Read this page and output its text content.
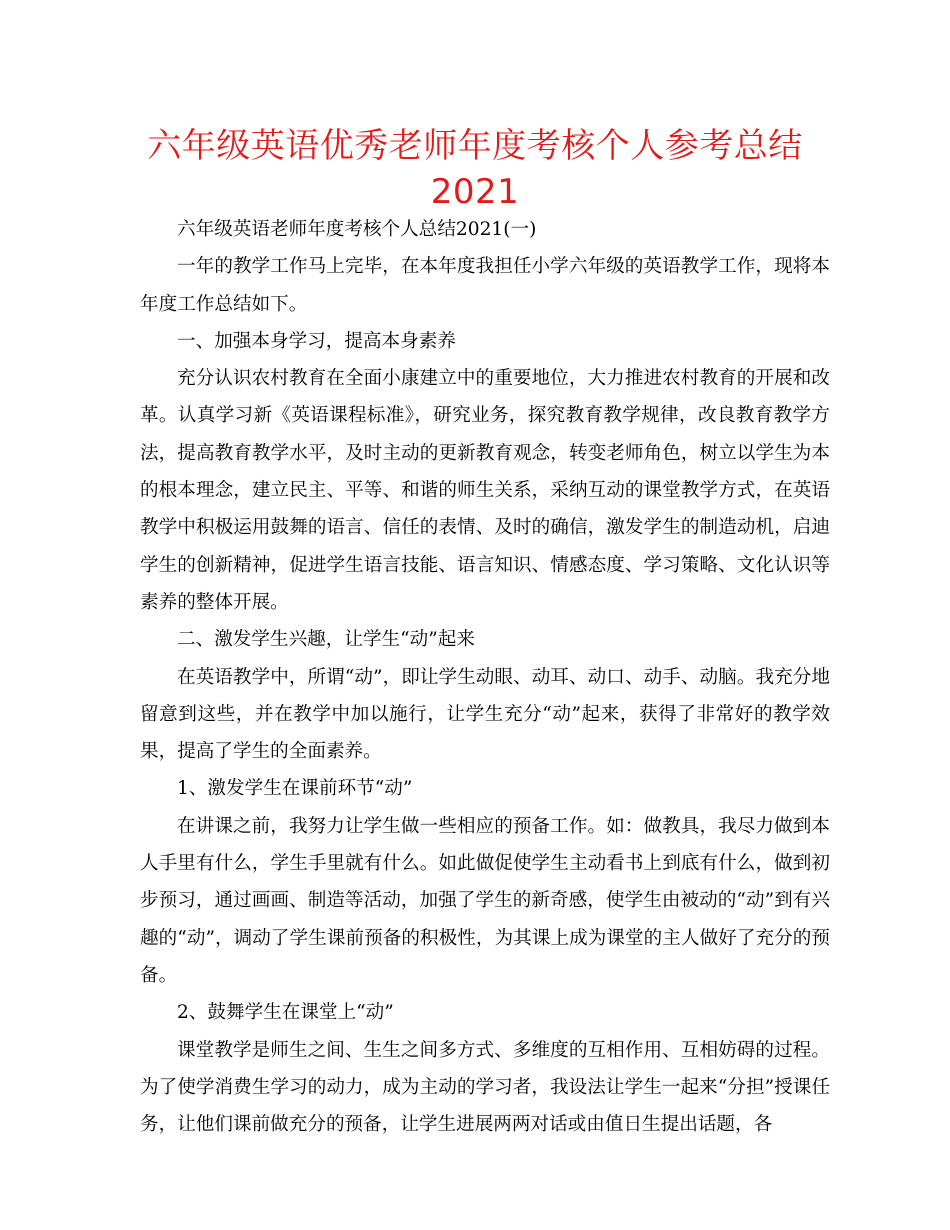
六年级英语优秀老师年度考核个人参考总结
2021

六年级英语老师年度考核个人总结2021(一)

一年的教学工作马上完毕，在本年度我担任小学六年级的英语教学工作，现将本年度工作总结如下。

一、加强本身学习，提高本身素养

充分认识农村教育在全面小康建立中的重要地位，大力推进农村教育的开展和改革。认真学习新《英语课程标准》，研究业务，探究教育教学规律，改良教育教学方法，提高教育教学水平，及时主动的更新教育观念，转变老师角色，树立以学生为本的根本理念，建立民主、平等、和谐的师生关系，采纳互动的课堂教学方式，在英语教学中积极运用鼓舞的语言、信任的表情、及时的确信，激发学生的制造动机，启迪学生的创新精神，促进学生语言技能、语言知识、情感态度、学习策略、文化认识等素养的整体开展。

二、激发学生兴趣，让学生“动”起来

在英语教学中，所谓“动”，即让学生动眼、动耳、动口、动手、动脑。我充分地留意到这些，并在教学中加以施行，让学生充分“动”起来，获得了非常好的教学效果，提高了学生的全面素养。

1、激发学生在课前环节“动”

在讲课之前，我努力让学生做一些相应的预备工作。如：做教具，我尽力做到本人手里有什么，学生手里就有什么。如此做促使学生主动看书上到底有什么，做到初步预习，通过画画、制造等活动，加强了学生的新奇感，使学生由被动的“动”到有兴趣的“动”，调动了学生课前预备的积极性，为其课上成为课堂的主人做好了充分的预备。

2、鼓舞学生在课堂上“动”

课堂教学是师生之间、生生之间多方式、多维度的互相作用、互相妨碍的过程。为了使学消费生学习的动力，成为主动的学习者，我设法让学生一起来“分担”授课任务，让他们课前做充分的预备，让学生进展两两对话或由值日生提出话题，各
